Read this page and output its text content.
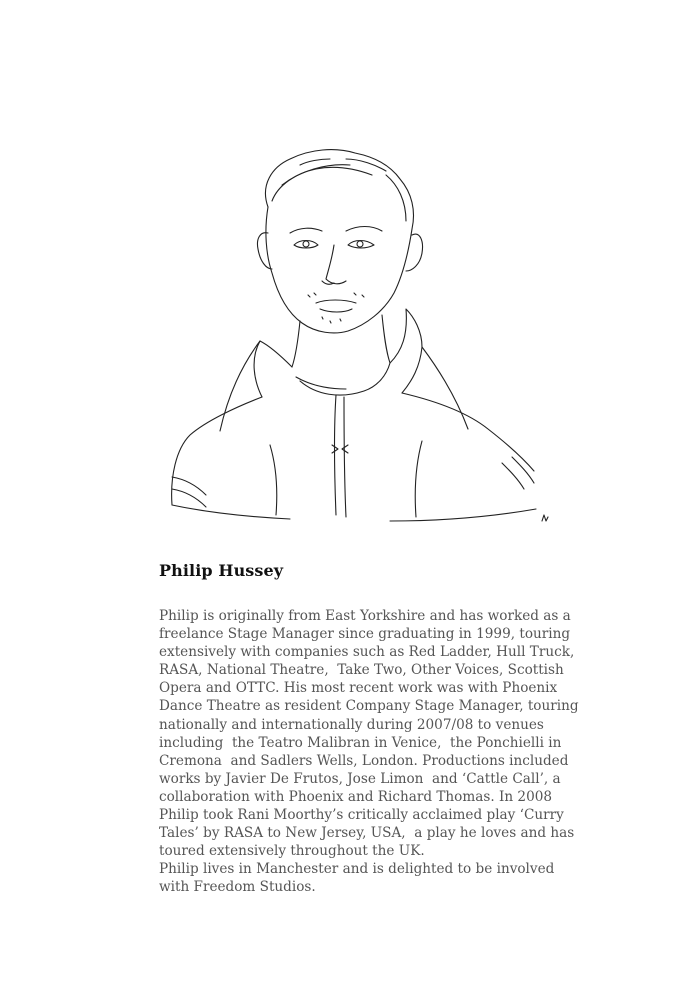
Philip Hussey
Philip is originally from East Yorkshire and has worked as a
freelance Stage Manager since graduating in 1999, touring
extensively with companies such as Red Ladder, Hull Truck,
RASA, National Theatre,  Take Two, Other Voices, Scottish
Opera and OTTC. His most recent work was with Phoenix
Dance Theatre as resident Company Stage Manager, touring
nationally and internationally during 2007/08 to venues
including  the Teatro Malibran in Venice,  the Ponchielli in
Cremona  and Sadlers Wells, London. Productions included
works by Javier De Frutos, Jose Limon  and ‘Cattle Call’, a
collaboration with Phoenix and Richard Thomas. In 2008
Philip took Rani Moorthy’s critically acclaimed play ‘Curry
Tales’ by RASA to New Jersey, USA,  a play he loves and has
toured extensively throughout the UK.
Philip lives in Manchester and is delighted to be involved
with Freedom Studios.
